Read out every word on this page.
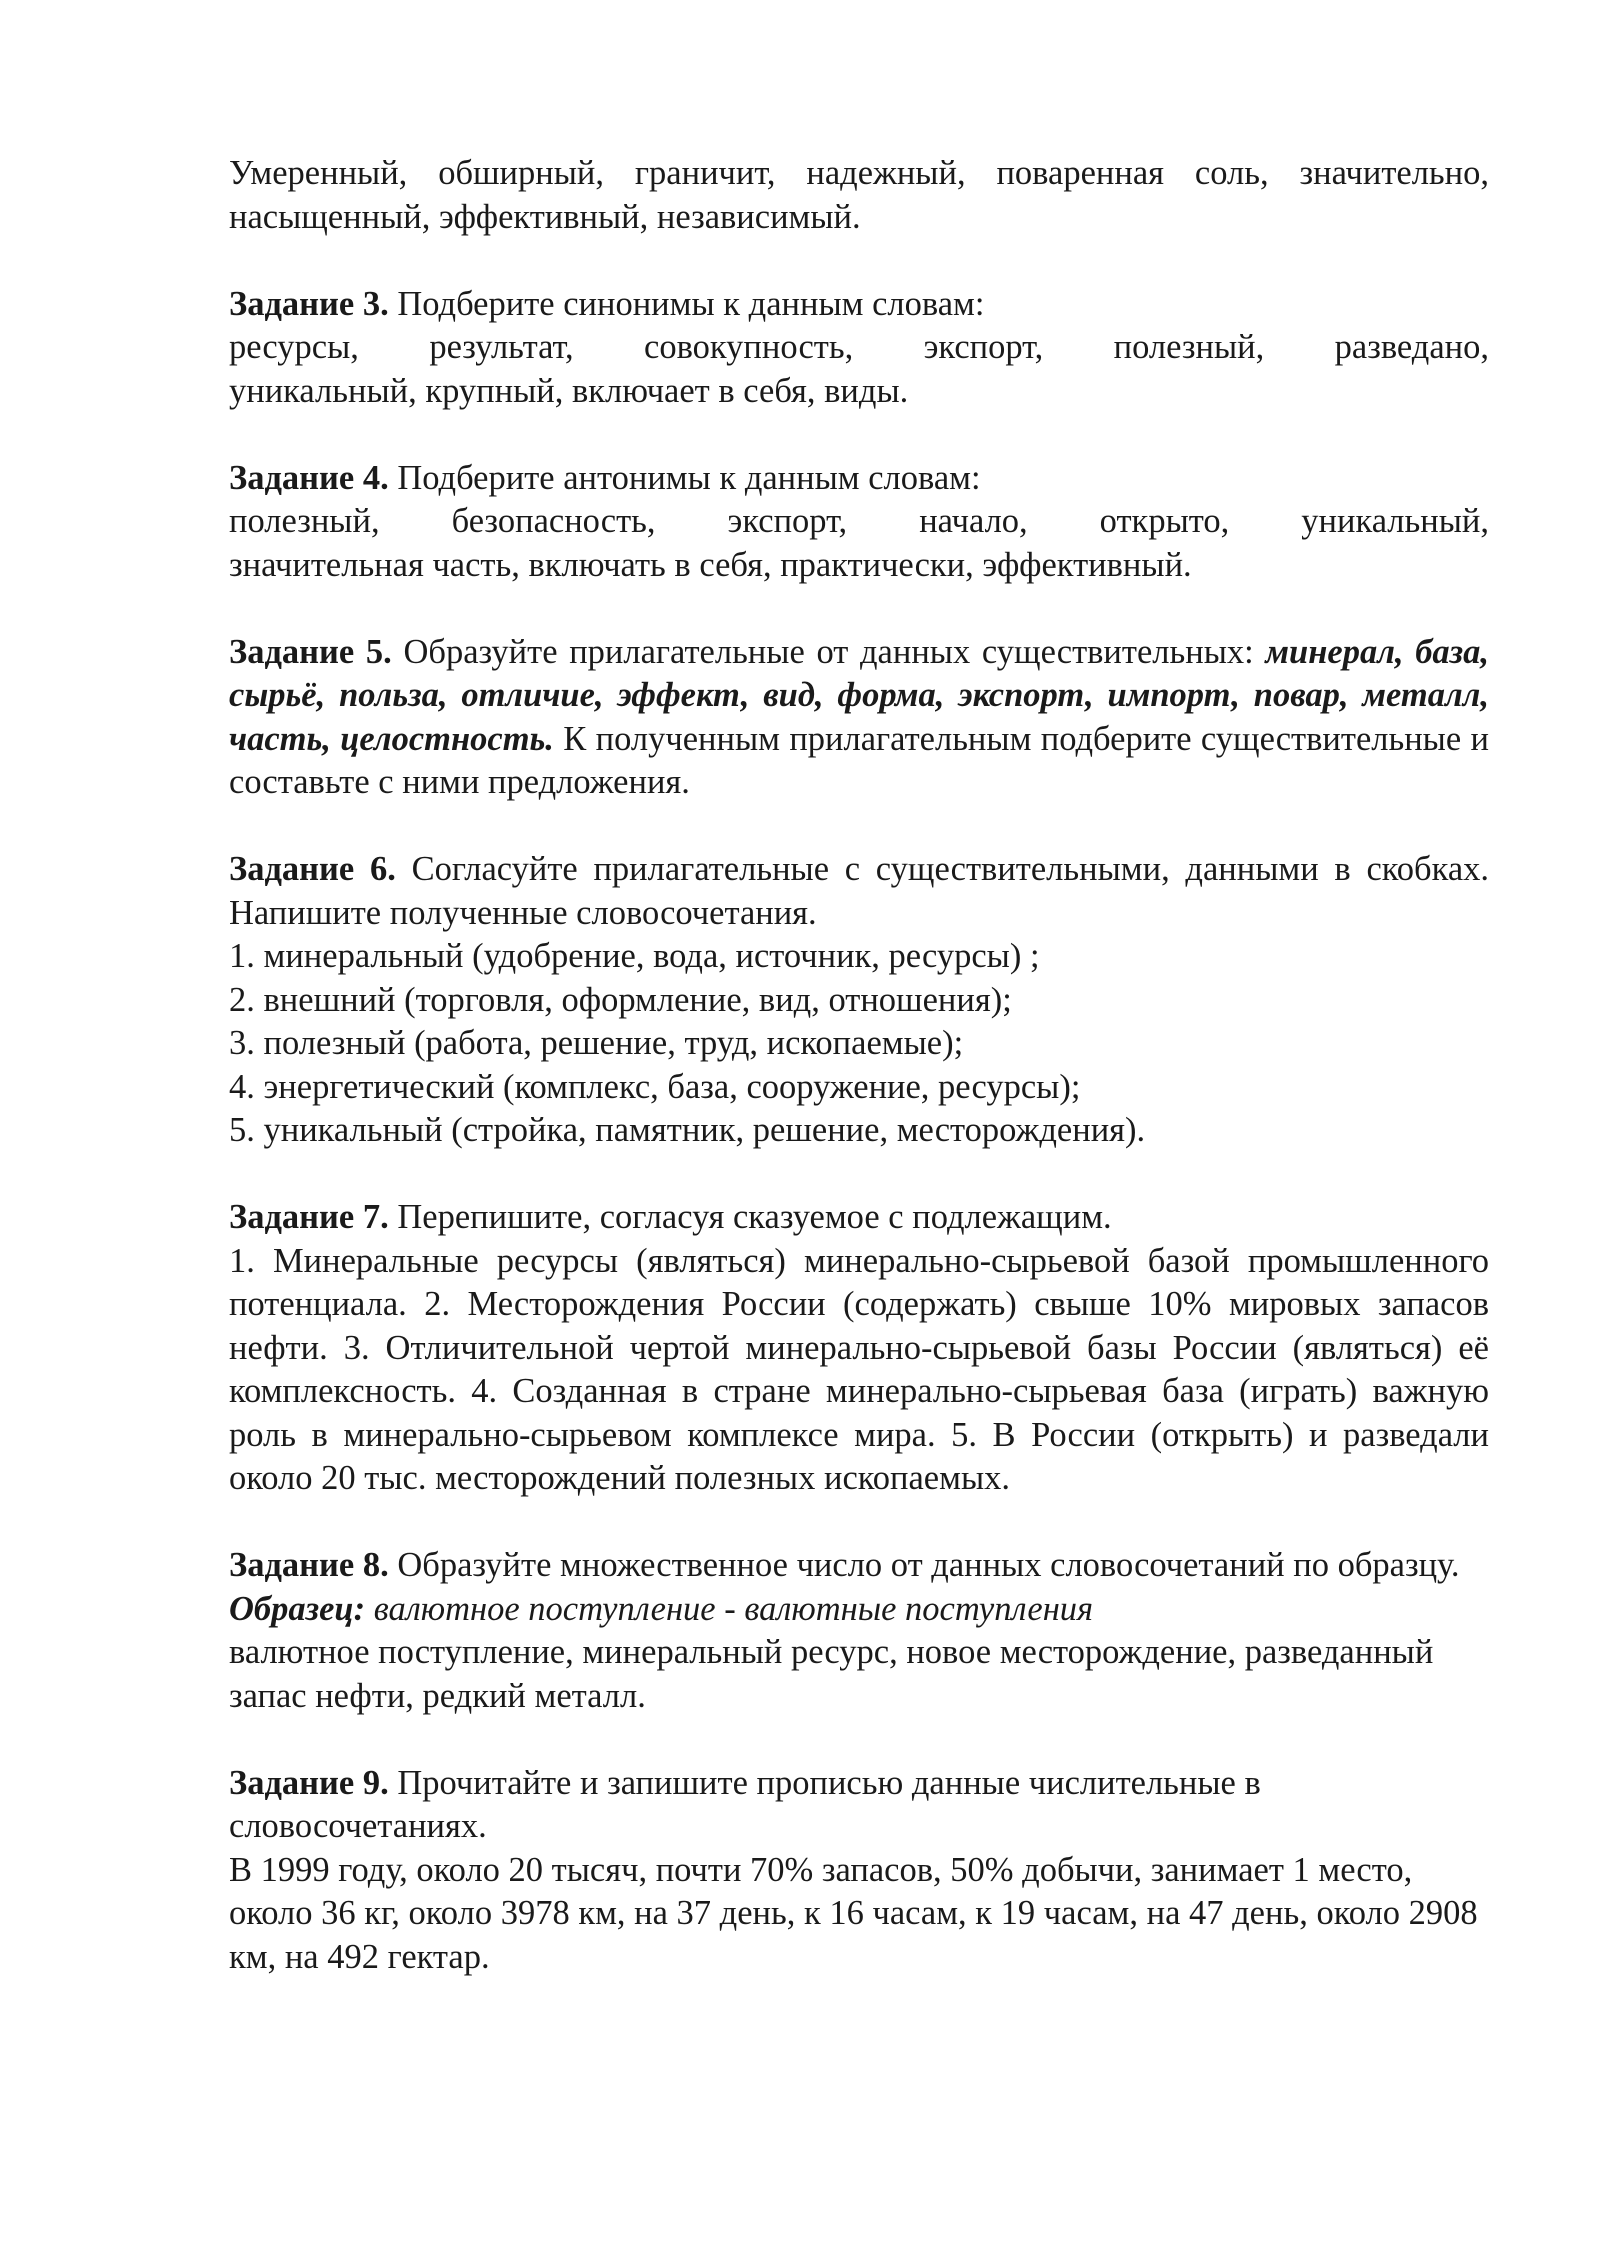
Умеренный, обширный, граничит, надежный, поваренная соль, значительно, насыщенный, эффективный, независимый.

Задание 3. Подберите синонимы к данным словам:

ресурсы, результат, совокупность, экспорт, полезный, разведано,

уникальный, крупный, включает в себя, виды.

Задание 4. Подберите антонимы к данным словам:

полезный, безопасность, экспорт, начало, открыто, уникальный,

значительная часть, включать в себя, практически, эффективный.

Задание 5. Образуйте прилагательные от данных существительных: минерал, база, сырьё, польза, отличие, эффект, вид, форма, экспорт, импорт, повар, металл, часть, целостность. К полученным прилагательным подберите существительные и составьте с ними предложения.

Задание 6. Согласуйте прилагательные с существительными, данными в скобках. Напишите полученные словосочетания.

1. минеральный (удобрение, вода, источник, ресурсы) ;

2. внешний (торговля, оформление, вид, отношения);

3. полезный (работа, решение, труд, ископаемые);

4. энергетический (комплекс, база, сооружение, ресурсы);

5. уникальный (стройка, памятник, решение, месторождения).

Задание 7. Перепишите, согласуя сказуемое с подлежащим.

1. Минеральные ресурсы (являться) минерально-сырьевой базой промышленного потенциала. 2. Месторождения России (содержать) свыше 10% мировых запасов нефти. 3. Отличительной чертой минерально-сырьевой базы России (являться) её комплексность. 4. Созданная в стране минерально-сырьевая база (играть) важную роль в минерально-сырьевом комплексе мира. 5. В России (открыть) и разведали около 20 тыс. месторождений полезных ископаемых.

Задание 8. Образуйте множественное число от данных словосочетаний по образцу.

Образец: валютное поступление - валютные поступления

валютное поступление, минеральный ресурс, новое месторождение, разведанный запас нефти, редкий металл.

Задание 9. Прочитайте и запишите прописью данные числительные в словосочетаниях.

В 1999 году, около 20 тысяч, почти 70% запасов, 50% добычи, занимает 1 место, около 36 кг, около 3978 км, на 37 день, к 16 часам, к 19 часам, на 47 день, около 2908 км, на 492 гектар.
